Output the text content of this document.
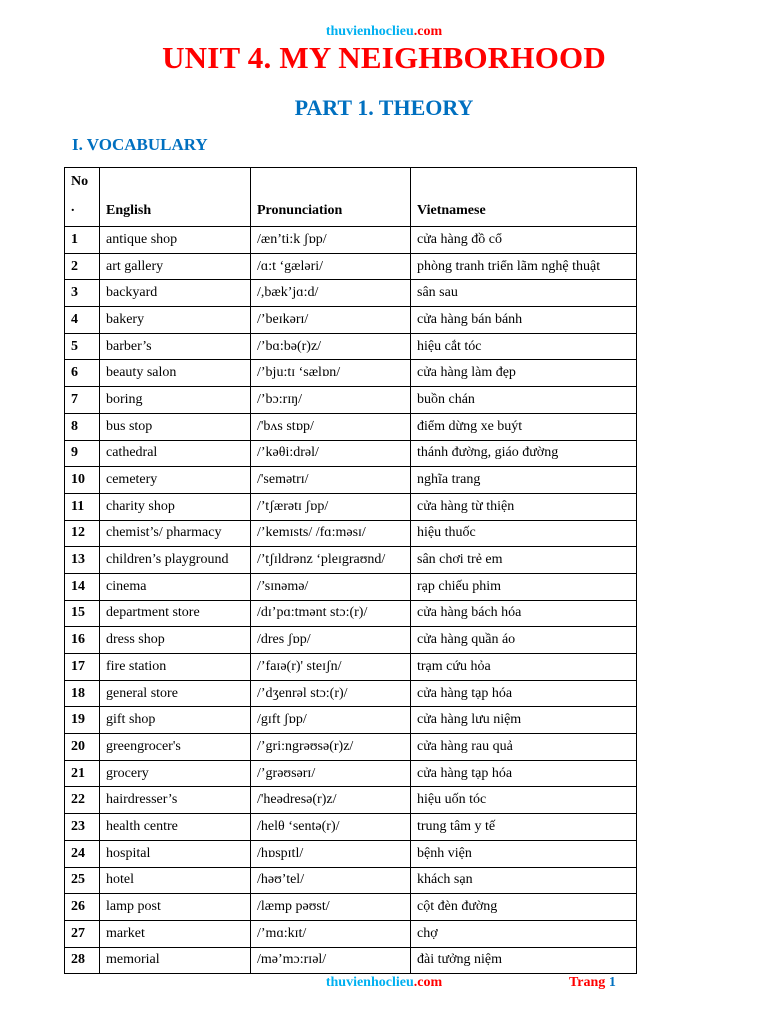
thuvienhoclieu.com
UNIT 4. MY NEIGHBORHOOD
PART 1. THEORY
I. VOCABULARY
No .	English	Pronunciation	Vietnamese
1	antique shop	/æn’ti:k ʃɒp/	cửa hàng đồ cổ
2	art gallery	/ɑ:t ‘gæləri/	phòng tranh triển lãm nghệ thuật
3	backyard	/,bæk’jɑ:d/	sân sau
4	bakery	/’beɪkərɪ/	cửa hàng bán bánh
5	barber’s	/’bɑ:bə(r)z/	hiệu cắt tóc
6	beauty salon	/’bju:tɪ ‘sælɒn/	cửa hàng làm đẹp
7	boring	/’bɔ:rɪŋ/	buồn chán
8	bus stop	/'bʌs stɒp/	điểm dừng xe buýt
9	cathedral	/’kəθi:drəl/	thánh đường, giáo đường
10	cemetery	/'semətrɪ/	nghĩa trang
11	charity shop	/’tʃærətɪ ʃɒp/	cửa hàng từ thiện
12	chemist’s/ pharmacy	/’kemɪsts/ /fɑ:məsɪ/	hiệu thuốc
13	children’s playground	/’tʃɪldrənz ‘pleɪgraʊnd/	sân chơi trẻ em
14	cinema	/’sɪnəmə/	rạp chiếu phim
15	department store	/dɪ’pɑ:tmənt stɔ:(r)/	cửa hàng bách hóa
16	dress shop	/dres ʃɒp/	cửa hàng quần áo
17	fire station	/’faɪə(r)' steɪʃn/	trạm cứu hỏa
18	general store	/’dʒenrəl stɔ:(r)/	cửa hàng tạp hóa
19	gift shop	/gɪft ʃɒp/	cửa hàng lưu niệm
20	greengrocer's	/’gri:ngrəʊsə(r)z/	cửa hàng rau quả
21	grocery	/’grəʊsərɪ/	cửa hàng tạp hóa
22	hairdresser’s	/'heədresə(r)z/	hiệu uốn tóc
23	health centre	/helθ ‘sentə(r)/	trung tâm y tế
24	hospital	/hɒspɪtl/	bệnh viện
25	hotel	/həʊ’tel/	khách sạn
26	lamp post	/læmp pəʊst/	cột đèn đường
27	market	/’mɑ:kɪt/	chợ
28	memorial	/mə’mɔ:rɪəl/	đài tưởng niệm
thuvienhoclieu.com	Trang 1
